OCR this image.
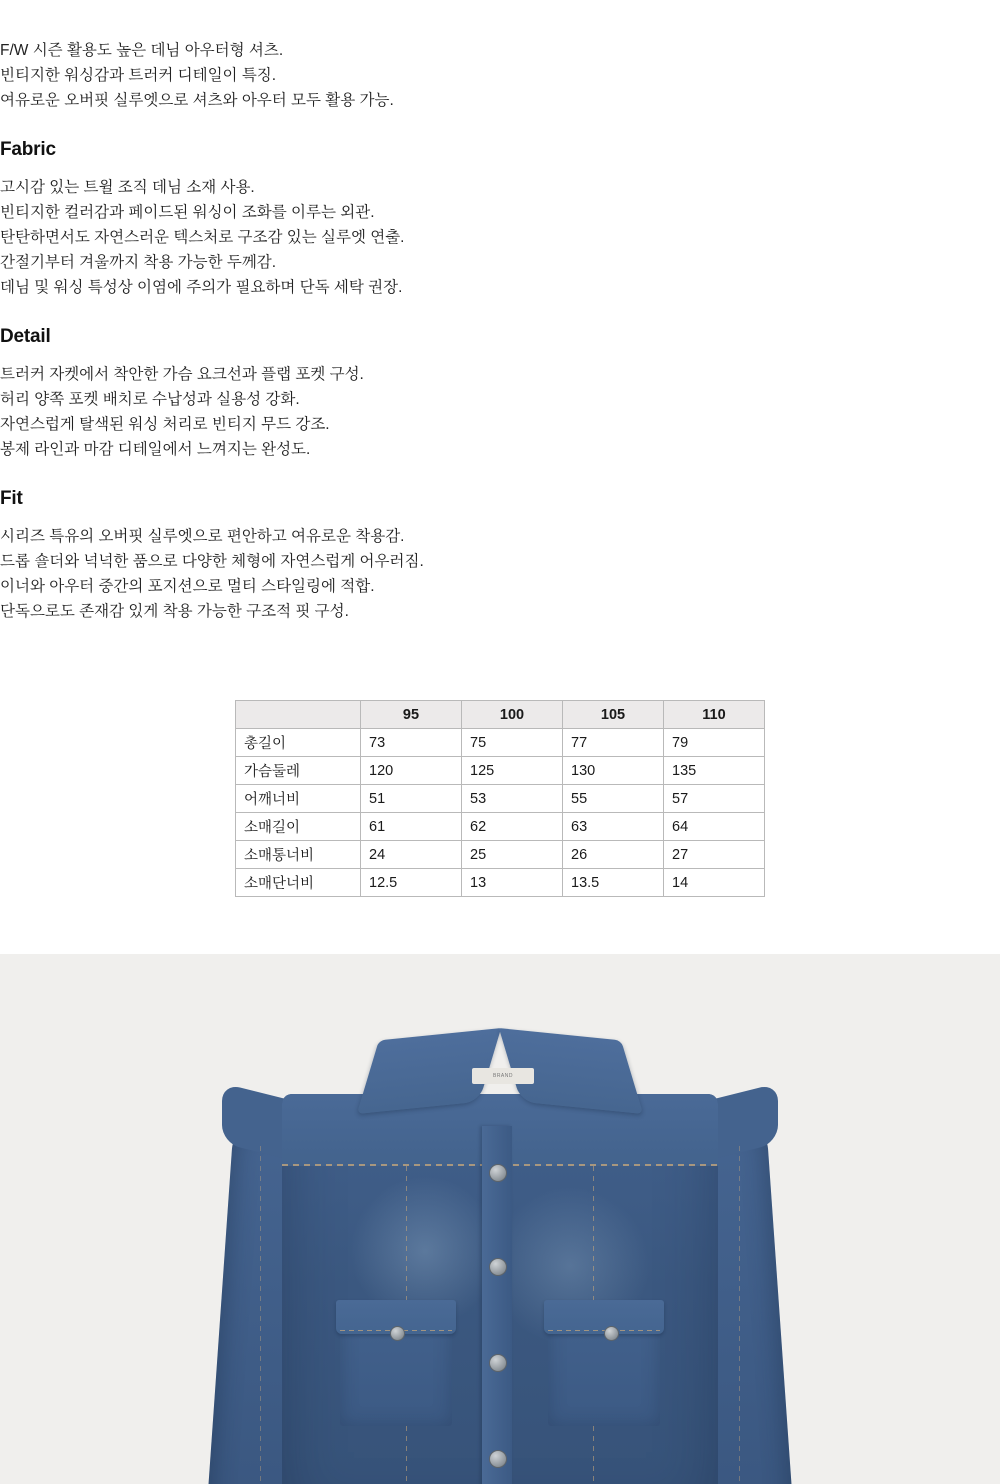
F/W 시즌 활용도 높은 데님 아우터형 셔츠.
빈티지한 워싱감과 트러커 디테일이 특징.
여유로운 오버핏 실루엣으로 셔츠와 아우터 모두 활용 가능.
Fabric
고시감 있는 트윌 조직 데님 소재 사용.
빈티지한 컬러감과 페이드된 워싱이 조화를 이루는 외관.
탄탄하면서도 자연스러운 텍스처로 구조감 있는 실루엣 연출.
간절기부터 겨울까지 착용 가능한 두께감.
데님 및 워싱 특성상 이염에 주의가 필요하며 단독 세탁 권장.
Detail
트러커 자켓에서 착안한 가슴 요크선과 플랩 포켓 구성.
허리 양쪽 포켓 배치로 수납성과 실용성 강화.
자연스럽게 탈색된 워싱 처리로 빈티지 무드 강조.
봉제 라인과 마감 디테일에서 느껴지는 완성도.
Fit
시리즈 특유의 오버핏 실루엣으로 편안하고 여유로운 착용감.
드롭 숄더와 넉넉한 품으로 다양한 체형에 자연스럽게 어우러짐.
이너와 아우터 중간의 포지션으로 멀티 스타일링에 적합.
단독으로도 존재감 있게 착용 가능한 구조적 핏 구성.
	95	100	105	110
총길이	73	75	77	79
가슴둘레	120	125	130	135
어깨너비	51	53	55	57
소매길이	61	62	63	64
소매통너비	24	25	26	27
소매단너비	12.5	13	13.5	14
BRAND
